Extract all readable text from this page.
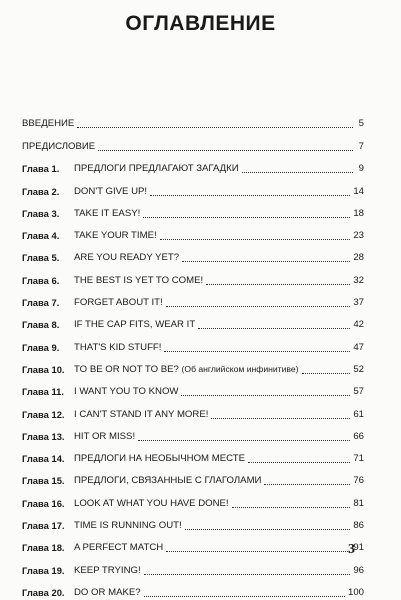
ОГЛАВЛЕНИЕ
ВВЕДЕНИЕ	5
ПРЕДИСЛОВИЕ	7
Глава 1.	ПРЕДЛОГИ ПРЕДЛАГАЮТ ЗАГАДКИ	9
Глава 2.	DON'T GIVE UP!	14
Глава 3.	TAKE IT EASY!	18
Глава 4.	TAKE YOUR TIME!	23
Глава 5.	ARE YOU READY YET?	28
Глава 6.	THE BEST IS YET TO COME!	32
Глава 7.	FORGET ABOUT IT!	37
Глава 8.	IF THE CAP FITS, WEAR IT	42
Глава 9.	THAT'S KID STUFF!	47
Глава 10. TO BE OR NOT TO BE? (Об английском инфинитиве)	52
Глава 11.	I WANT YOU TO KNOW	57
Глава 12. I CAN'T STAND IT ANY MORE!	61
Глава 13. HIT OR MISS!	66
Глава 14. ПРЕДЛОГИ НА НЕОБЫЧНОМ МЕСТЕ	71
Глава 15. ПРЕДЛОГИ, СВЯЗАННЫЕ С ГЛАГОЛАМИ	76
Глава 16. LOOK AT WHAT YOU HAVE DONE!	81
Глава 17. TIME IS RUNNING OUT!	86
Глава 18. A PERFECT MATCH	91
Глава 19. KEEP TRYING!	96
Глава 20. DO OR MAKE?	100
3
